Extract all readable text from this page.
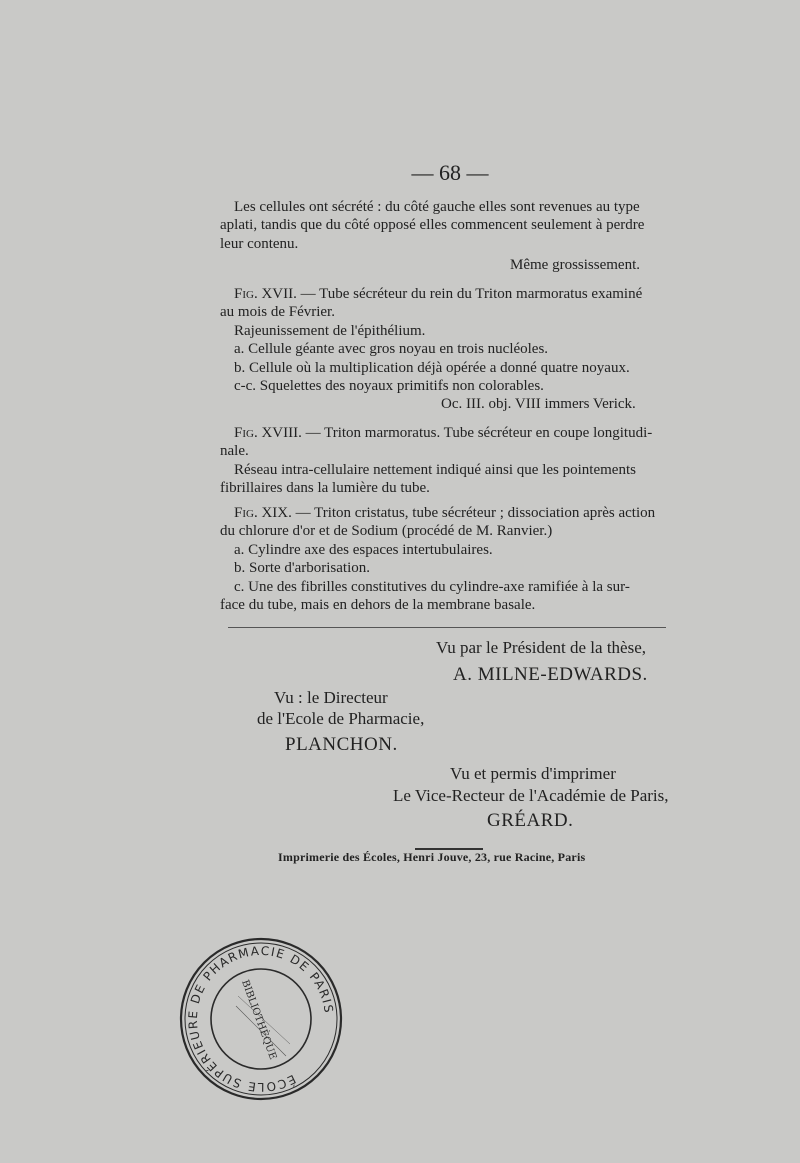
— 68 —
Les cellules ont sécrété : du côté gauche elles sont revenues au type
aplati, tandis que du côté opposé elles commencent seulement à perdre
leur contenu.
Même grossissement.
Fig. XVII. — Tube sécréteur du rein du Triton marmoratus examiné
au mois de Février.
Rajeunissement de l'épithélium.
a. Cellule géante avec gros noyau en trois nucléoles.
b. Cellule où la multiplication déjà opérée a donné quatre noyaux.
c-c. Squelettes des noyaux primitifs non colorables.
Oc. III. obj. VIII immers Verick.
Fig. XVIII. — Triton marmoratus. Tube sécréteur en coupe longitudi-
nale.
Réseau intra-cellulaire nettement indiqué ainsi que les pointements
fibrillaires dans la lumière du tube.
Fig. XIX. — Triton cristatus, tube sécréteur ; dissociation après action
du chlorure d'or et de Sodium (procédé de M. Ranvier.)
a. Cylindre axe des espaces intertubulaires.
b. Sorte d'arborisation.
c. Une des fibrilles constitutives du cylindre-axe ramifiée à la sur-
face du tube, mais en dehors de la membrane basale.
Vu par le Président de la thèse,
A. MILNE-EDWARDS.
Vu : le Directeur
de l'Ecole de Pharmacie,
PLANCHON.
Vu et permis d'imprimer
Le Vice-Recteur de l'Académie de Paris,
GRÉARD.
Imprimerie des Écoles, Henri Jouve, 23, rue Racine, Paris
ÉCOLE SUPÉRIEURE DE PHARMACIE DE PARIS
BIBLIOTHÈQUE
